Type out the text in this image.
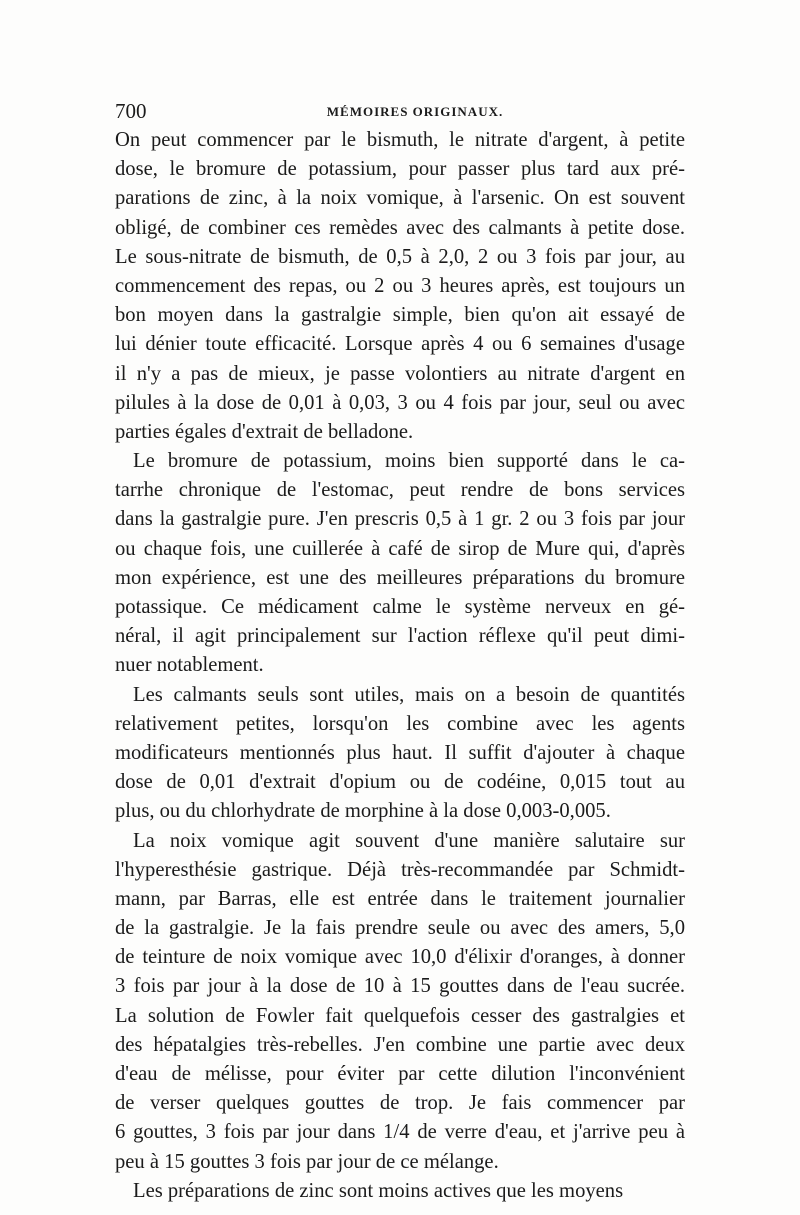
700	MÉMOIRES ORIGINAUX.
On peut commencer par le bismuth, le nitrate d'argent, à petite
dose, le bromure de potassium, pour passer plus tard aux pré-
parations de zinc, à la noix vomique, à l'arsenic. On est souvent
obligé, de combiner ces remèdes avec des calmants à petite dose.
Le sous-nitrate de bismuth, de 0,5 à 2,0, 2 ou 3 fois par jour, au
commencement des repas, ou 2 ou 3 heures après, est toujours un
bon moyen dans la gastralgie simple, bien qu'on ait essayé de
lui dénier toute efficacité. Lorsque après 4 ou 6 semaines d'usage
il n'y a pas de mieux, je passe volontiers au nitrate d'argent en
pilules à la dose de 0,01 à 0,03, 3 ou 4 fois par jour, seul ou avec
parties égales d'extrait de belladone.
Le bromure de potassium, moins bien supporté dans le ca-
tarrhe chronique de l'estomac, peut rendre de bons services
dans la gastralgie pure. J'en prescris 0,5 à 1 gr. 2 ou 3 fois par jour
ou chaque fois, une cuillerée à café de sirop de Mure qui, d'après
mon expérience, est une des meilleures préparations du bromure
potassique. Ce médicament calme le système nerveux en gé-
néral, il agit principalement sur l'action réflexe qu'il peut dimi-
nuer notablement.
Les calmants seuls sont utiles, mais on a besoin de quantités
relativement petites, lorsqu'on les combine avec les agents
modificateurs mentionnés plus haut. Il suffit d'ajouter à chaque
dose de 0,01 d'extrait d'opium ou de codéine, 0,015 tout au
plus, ou du chlorhydrate de morphine à la dose 0,003-0,005.
La noix vomique agit souvent d'une manière salutaire sur
l'hyperesthésie gastrique. Déjà très-recommandée par Schmidt-
mann, par Barras, elle est entrée dans le traitement journalier
de la gastralgie. Je la fais prendre seule ou avec des amers, 5,0
de teinture de noix vomique avec 10,0 d'élixir d'oranges, à donner
3 fois par jour à la dose de 10 à 15 gouttes dans de l'eau sucrée.
La solution de Fowler fait quelquefois cesser des gastralgies et
des hépatalgies très-rebelles. J'en combine une partie avec deux
d'eau de mélisse, pour éviter par cette dilution l'inconvénient
de verser quelques gouttes de trop. Je fais commencer par
6 gouttes, 3 fois par jour dans 1/4 de verre d'eau, et j'arrive peu à
peu à 15 gouttes 3 fois par jour de ce mélange.
Les préparations de zinc sont moins actives que les moyens
